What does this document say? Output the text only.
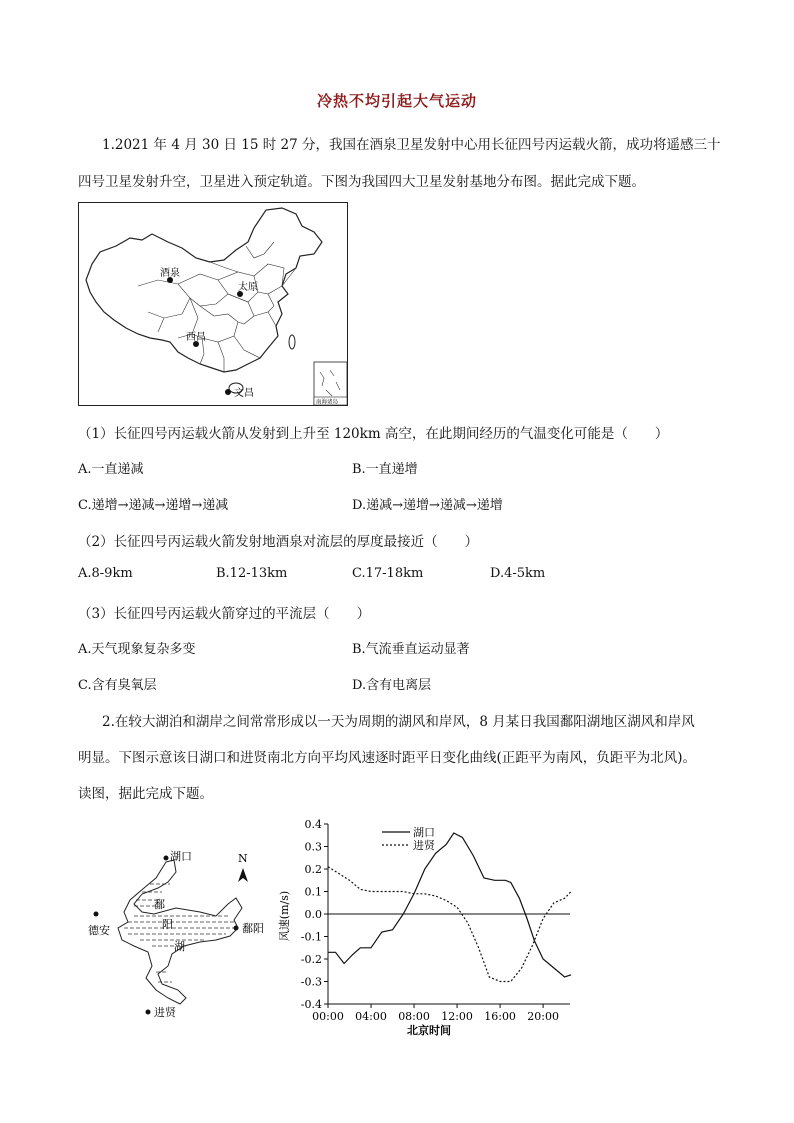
冷热不均引起大气运动
1.2021 年 4 月 30 日 15 时 27 分，我国在酒泉卫星发射中心用长征四号丙运载火箭，成功将遥感三十
四号卫星发射升空，卫星进入预定轨道。下图为我国四大卫星发射基地分布图。据此完成下题。
酒泉
太原
西昌
文昌
南海诸岛
（1）长征四号丙运载火箭从发射到上升至 120km 高空，在此期间经历的气温变化可能是（　　）
A.一直递减	B.一直递增
C.递增→递减→递增→递减	D.递减→递增→递减→递增
（2）长征四号丙运载火箭发射地酒泉对流层的厚度最接近（　　）
A.8-9km	B.12-13km	C.17-18km	D.4-5km
（3）长征四号丙运载火箭穿过的平流层（　　）
A.天气现象复杂多变	B.气流垂直运动显著
C.含有臭氧层	D.含有电离层
2.在较大湖泊和湖岸之间常常形成以一天为周期的湖风和岸风，8 月某日我国鄱阳湖地区湖风和岸风
明显。下图示意该日湖口和进贤南北方向平均风速逐时距平日变化曲线(正距平为南风，负距平为北风)。
读图，据此完成下题。
鄱
阳
湖
湖口
德安	鄱阳
进贤
N
0.4
0.3
0.2
0.1
0.0
-0.1
-0.2
-0.3
-0.4
00:00 04:00 08:00 12:00 16:00 20:00
北京时间
风速(m/s)
湖口
进贤
